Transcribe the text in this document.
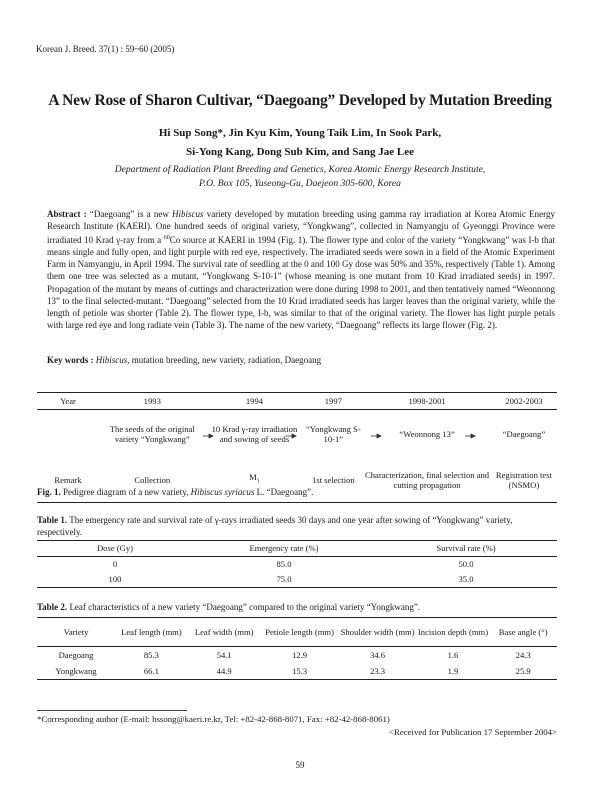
Korean J. Breed. 37(1) : 59~60 (2005)
A New Rose of Sharon Cultivar, “Daegoang” Developed by Mutation Breeding
Hi Sup Song*, Jin Kyu Kim, Young Taik Lim, In Sook Park,
Si-Yong Kang, Dong Sub Kim, and Sang Jae Lee
Department of Radiation Plant Breeding and Genetics, Korea Atomic Energy Research Institute,
P.O. Box 105, Yuseong-Gu, Daejeon 305-600, Korea
Abstract : “Daegoang” is a new Hibiscus variety developed by mutation breeding using gamma ray irradiation at Korea Atomic Energy Research Institute (KAERI). One hundred seeds of original variety, “Yongkwang”, collected in Namyangju of Gyeonggi Province were irradiated 10 Krad γ-ray from a $^{60}$Co source at KAERI in 1994 (Fig. 1). The flower type and color of the variety “Yongkwang” was I-b that means single and fully open, and light purple with red eye, respectively. The irradiated seeds were sown in a field of the Atomic Experiment Farm in Namyangju, in April 1994. The survival rate of seedling at the 0 and 100 Gy dose was 50% and 35%, respectively (Table 1). Among them one tree was selected as a mutant, “Yongkwang S-10-1” (whose meaning is one mutant from 10 Krad irradiated seeds) in 1997. Propagation of the mutant by means of cuttings and characterization were done during 1998 to 2001, and then tentatively named “Weonnong 13” to the final selected-mutant. “Daegoang” selected from the 10 Krad irradiated seeds has larger leaves than the original variety, while the length of petiole was shorter (Table 2). The flower type, I-b, was similar to that of the original variety. The flower has light purple petals with large red eye and long radiate vein (Table 3). The name of the new variety, “Daegoang” reflects its large flower (Fig. 2).
Key words : Hibiscus, mutation breeding, new variety, radiation, Daegoang
Year	1993	1994	1997	1998-2001	2002-2003
	The seeds of the original variety “Yongkwang”	10 Krad γ-ray irradiation and sowing of seeds	“Yongkwang S-10-1”	“Weonnong 13”	“Daegoang”
Remark	Collection	$M_1$	1st selection	Characterization, final selection and cutting propagation	Registration test (NSMO)
Fig. 1. Pedigree diagram of a new variety, Hibiscus syriacus L. “Daegoang”.
Table 1. The emergency rate and survival rate of γ-rays irradiated seeds 30 days and one year after sowing of “Yongkwang” variety, respectively.
Dose (Gy)	Emergency rate (%)	Survival rate (%)
0	85.0	50.0
100	75.0	35.0
Table 2. Leaf characteristics of a new variety “Daegoang” compared to the original variety “Yongkwang”.
Variety	Leaf length (mm)	Leaf width (mm)	Petiole length (mm)	Shoulder width (mm)	Incision depth (mm)	Base angle (°)
Daegoang	85.3	54.1	12.9	34.6	1.6	24.3
Yongkwang	66.1	44.9	15.3	23.3	1.9	25.9
*Corresponding author (E-mail: hssong@kaeri.re.kr, Tel: +82-42-868-8071, Fax: +82-42-868-8061)
<Received for Publication 17 September 2004>
59
